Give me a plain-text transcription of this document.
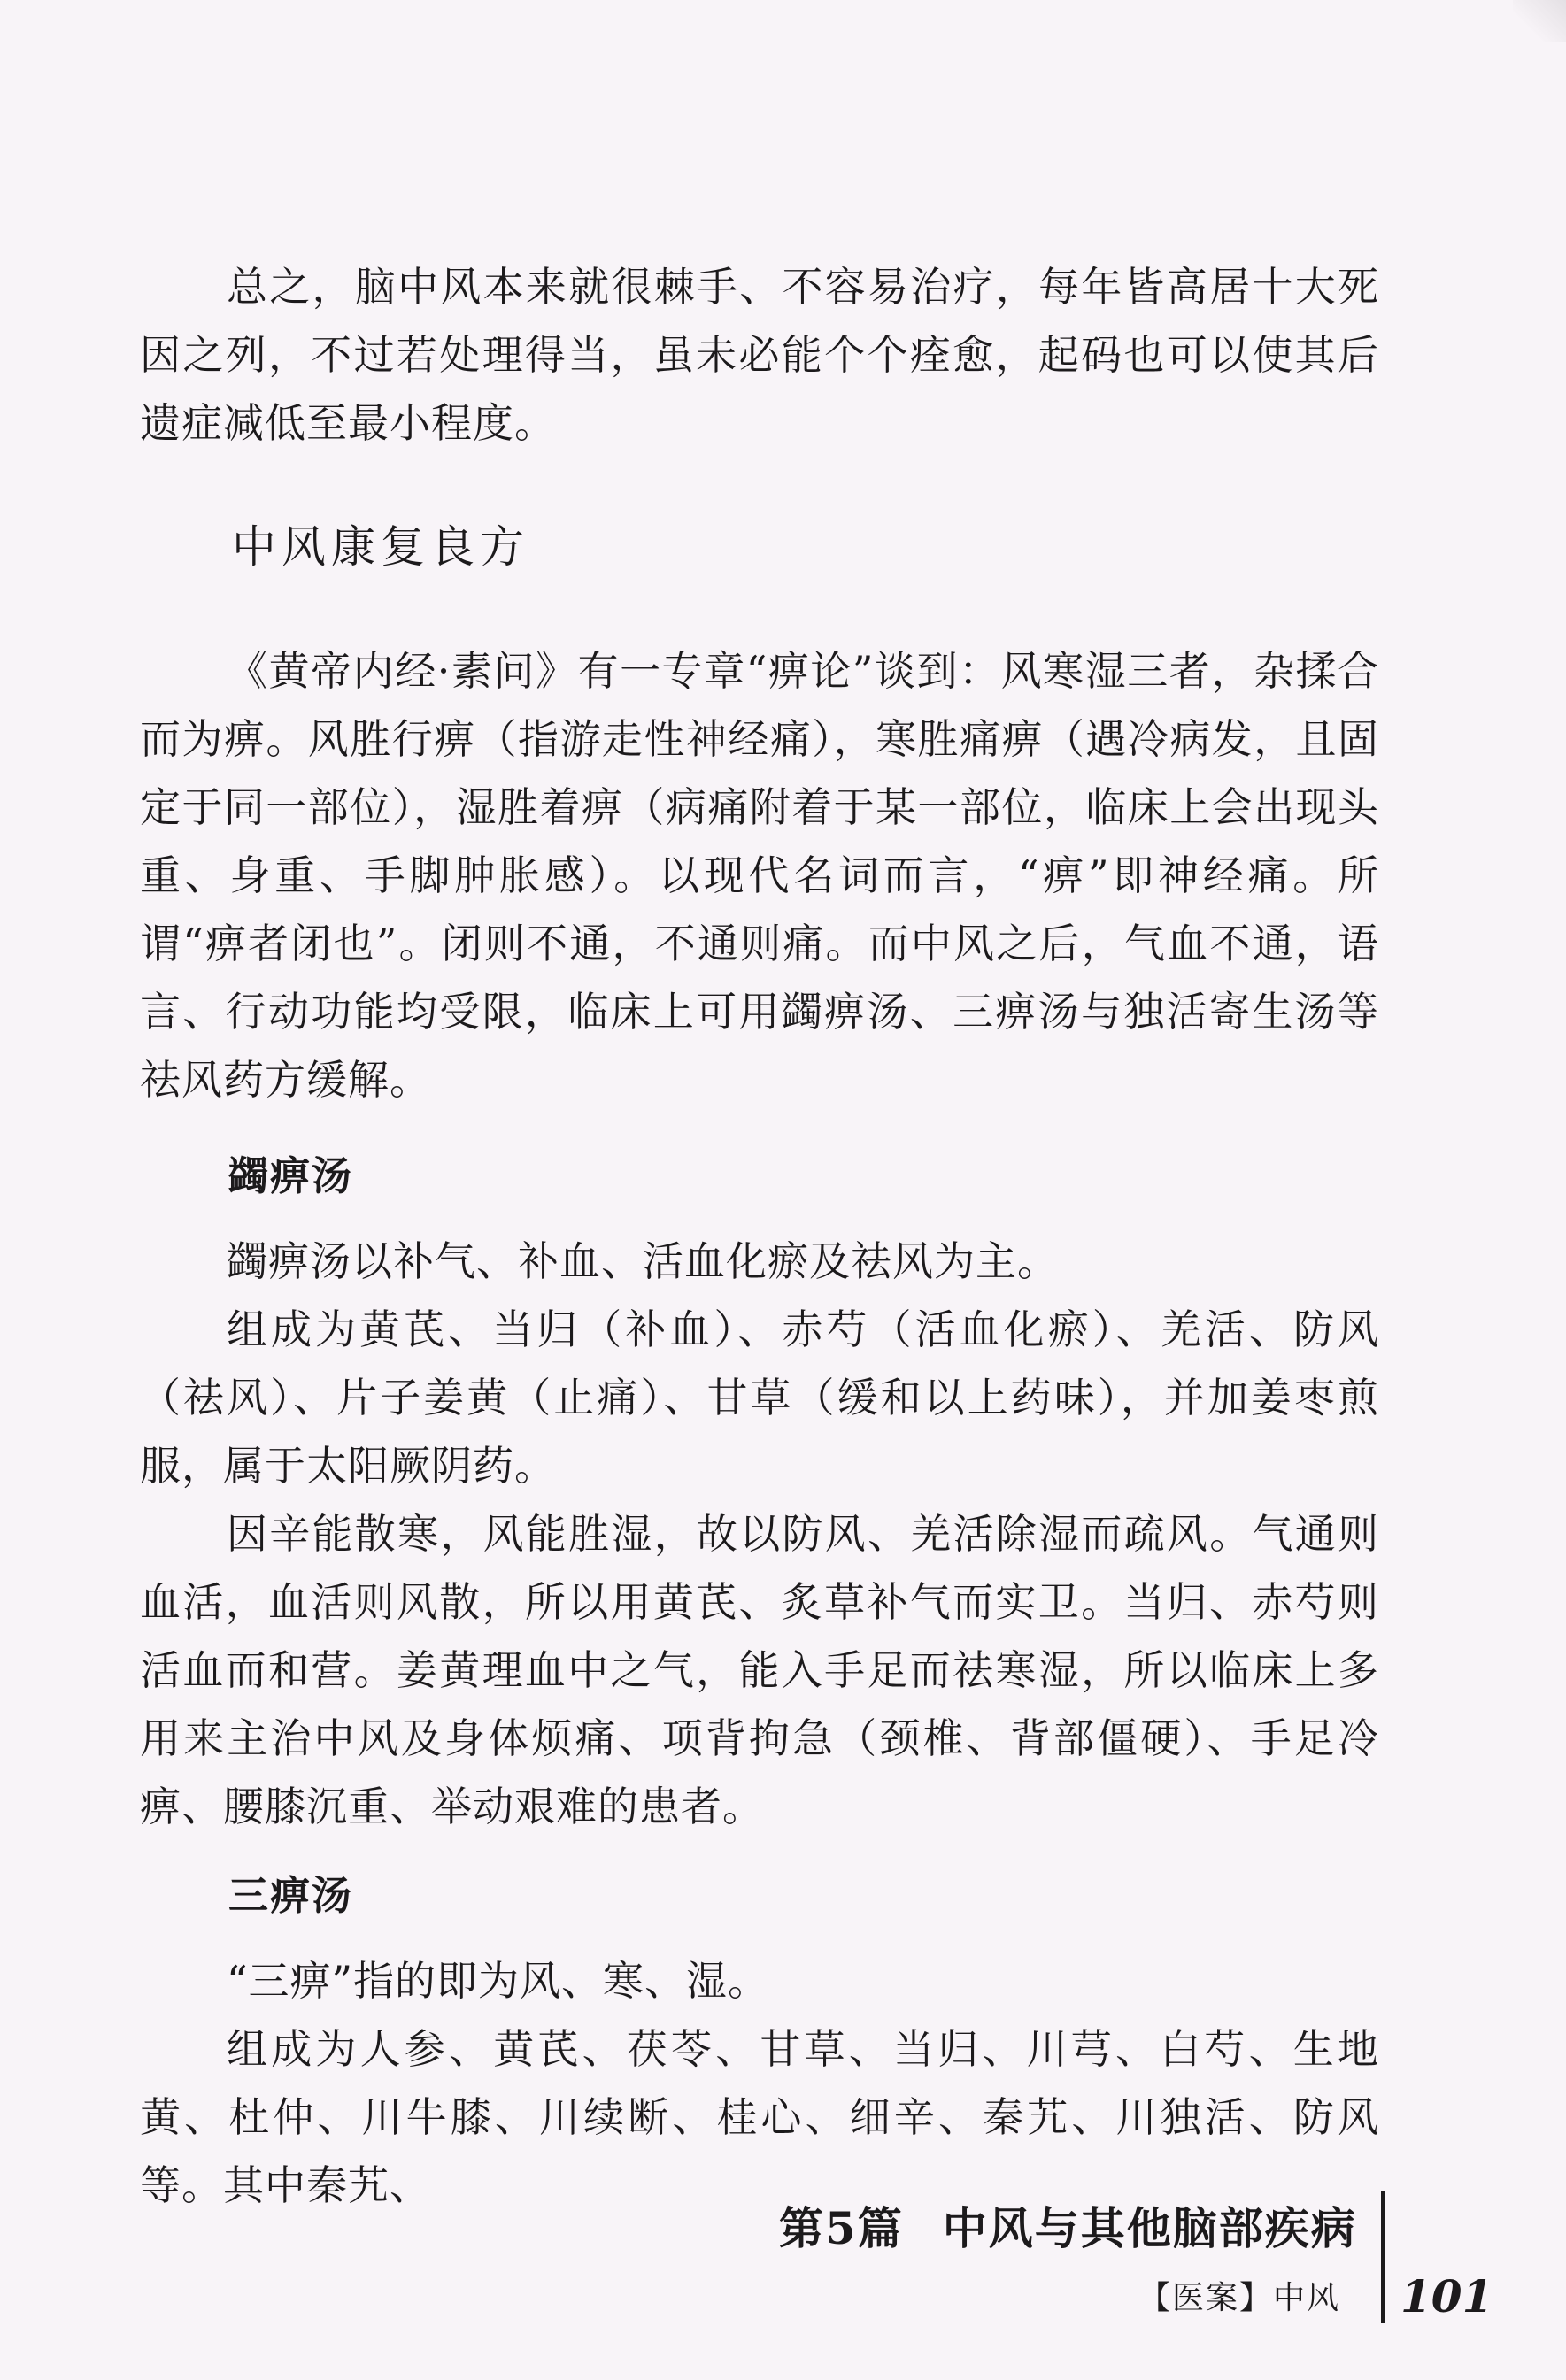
总之，脑中风本来就很棘手、不容易治疗，每年皆高居十大死因之列，不过若处理得当，虽未必能个个痊愈，起码也可以使其后遗症减低至最小程度。

中风康复良方

《黄帝内经·素问》有一专章“痹论”谈到：风寒湿三者，杂揉合而为痹。风胜行痹（指游走性神经痛），寒胜痛痹（遇冷病发，且固定于同一部位），湿胜着痹（病痛附着于某一部位，临床上会出现头重、身重、手脚肿胀感）。以现代名词而言，“痹”即神经痛。所谓“痹者闭也”。闭则不通，不通则痛。而中风之后，气血不通，语言、行动功能均受限，临床上可用蠲痹汤、三痹汤与独活寄生汤等祛风药方缓解。

蠲痹汤

蠲痹汤以补气、补血、活血化瘀及祛风为主。

组成为黄芪、当归（补血）、赤芍（活血化瘀）、羌活、防风（祛风）、片子姜黄（止痛）、甘草（缓和以上药味），并加姜枣煎服，属于太阳厥阴药。

因辛能散寒，风能胜湿，故以防风、羌活除湿而疏风。气通则血活，血活则风散，所以用黄芪、炙草补气而实卫。当归、赤芍则活血而和营。姜黄理血中之气，能入手足而祛寒湿，所以临床上多用来主治中风及身体烦痛、项背拘急（颈椎、背部僵硬）、手足冷痹、腰膝沉重、举动艰难的患者。

三痹汤

“三痹”指的即为风、寒、湿。

组成为人参、黄芪、茯苓、甘草、当归、川芎、白芍、生地黄、杜仲、川牛膝、川续断、桂心、细辛、秦艽、川独活、防风等。其中秦艽、

第5篇 中风与其他脑部疾病

【医案】中风 101
